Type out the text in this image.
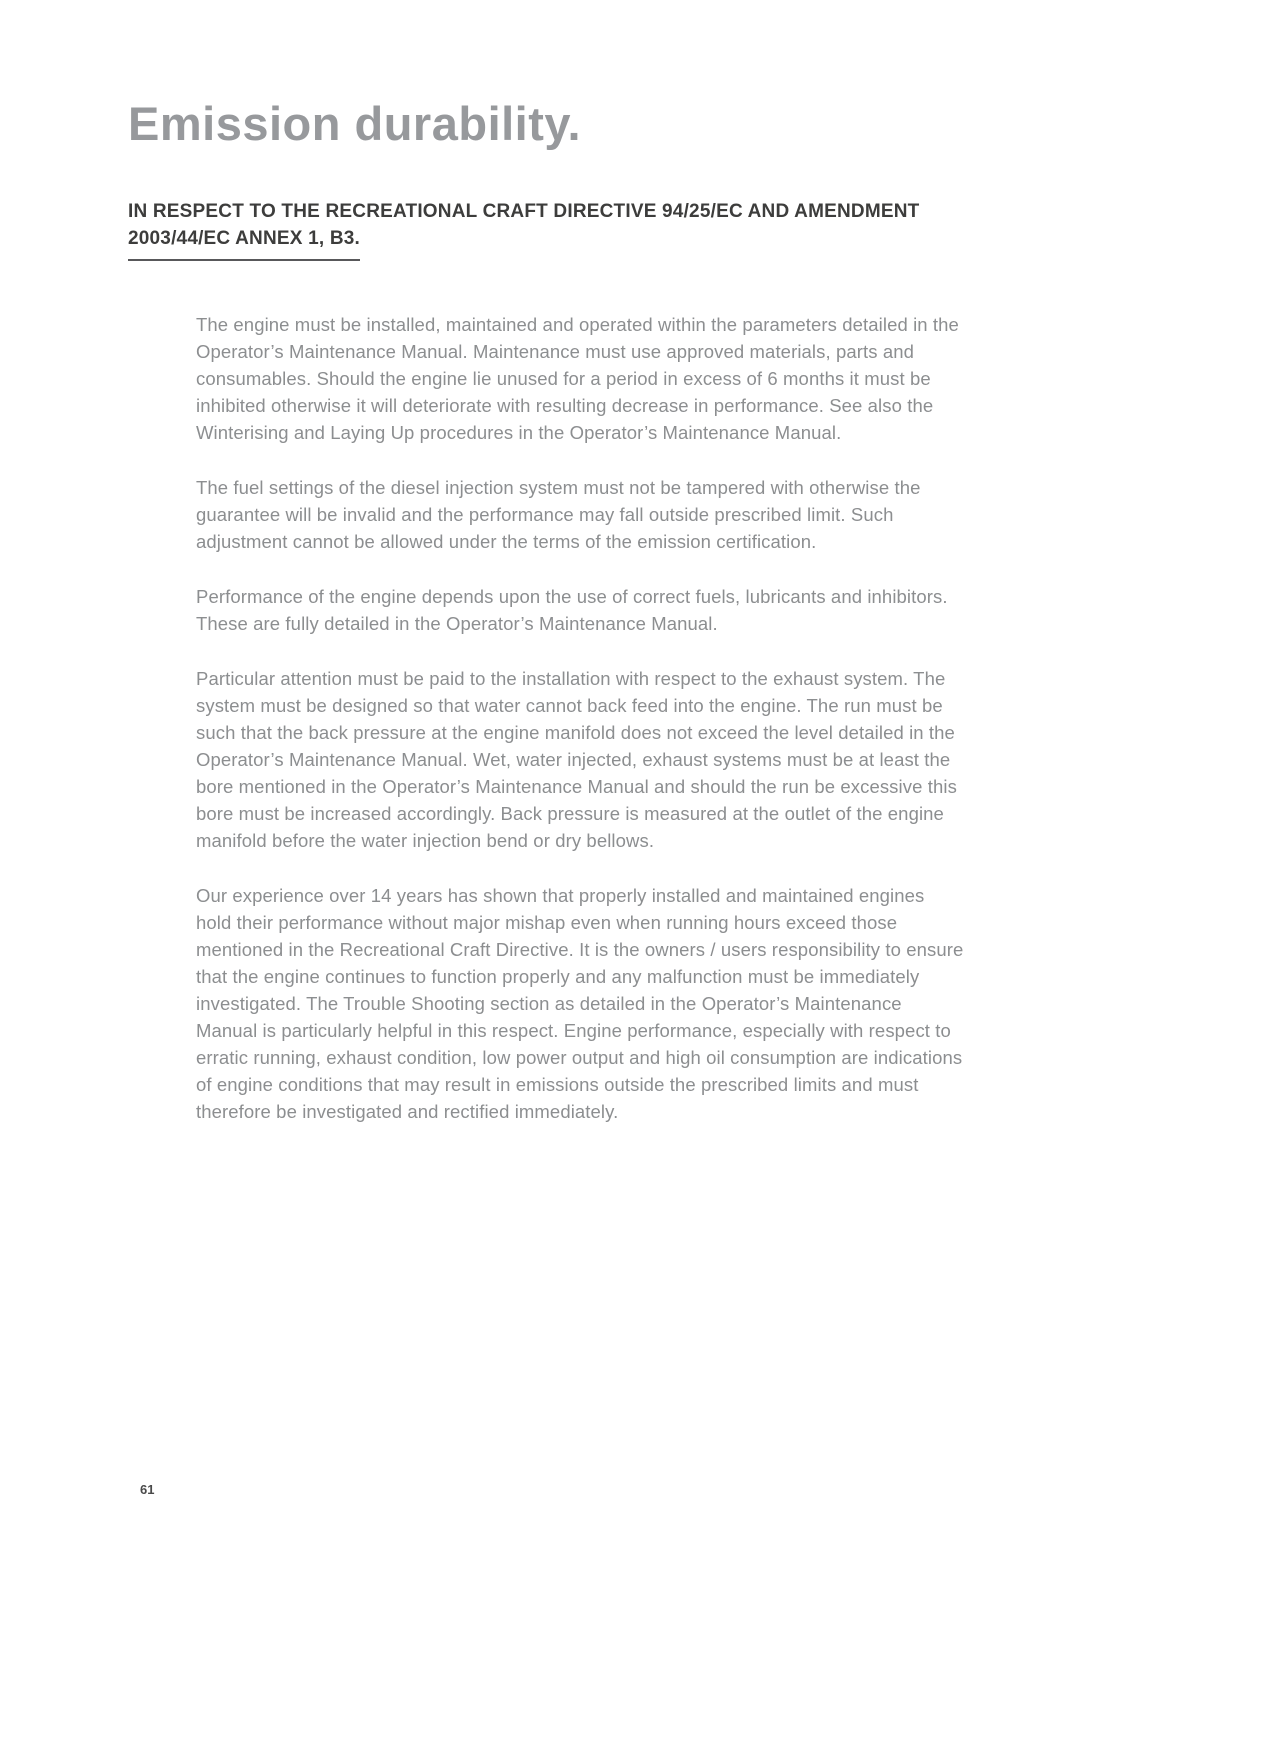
Emission durability.
IN RESPECT TO THE RECREATIONAL CRAFT DIRECTIVE 94/25/EC AND AMENDMENT
2003/44/EC ANNEX 1, B3.

The engine must be installed, maintained and operated within the parameters detailed in the Operator’s Maintenance Manual. Maintenance must use approved materials, parts and consumables. Should the engine lie unused for a period in excess of 6 months it must be inhibited otherwise it will deteriorate with resulting decrease in performance. See also the Winterising and Laying Up procedures in the Operator’s Maintenance Manual.

The fuel settings of the diesel injection system must not be tampered with otherwise the guarantee will be invalid and the performance may fall outside prescribed limit. Such adjustment cannot be allowed under the terms of the emission certification.

Performance of the engine depends upon the use of correct fuels, lubricants and inhibitors. These are fully detailed in the Operator’s Maintenance Manual.

Particular attention must be paid to the installation with respect to the exhaust system. The system must be designed so that water cannot back feed into the engine. The run must be such that the back pressure at the engine manifold does not exceed the level detailed in the Operator’s Maintenance Manual. Wet, water injected, exhaust systems must be at least the bore mentioned in the Operator’s Maintenance Manual and should the run be excessive this bore must be increased accordingly. Back pressure is measured at the outlet of the engine manifold before the water injection bend or dry bellows.

Our experience over 14 years has shown that properly installed and maintained engines hold their performance without major mishap even when running hours exceed those mentioned in the Recreational Craft Directive. It is the owners / users responsibility to ensure that the engine continues to function properly and any malfunction must be immediately investigated. The Trouble Shooting section as detailed in the Operator’s Maintenance Manual is particularly helpful in this respect. Engine performance, especially with respect to erratic running, exhaust condition, low power output and high oil consumption are indications of engine conditions that may result in emissions outside the prescribed limits and must therefore be investigated and rectified immediately.

61
